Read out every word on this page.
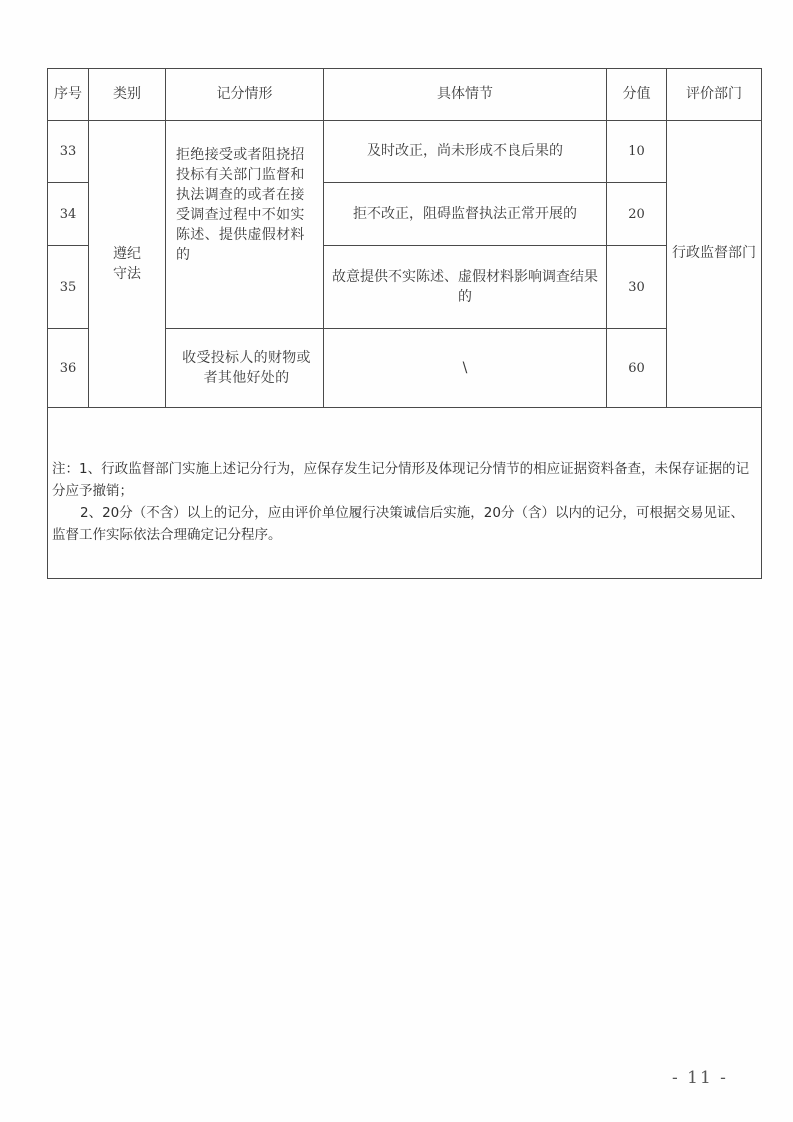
序号	类别	记分情形	具体情节	分值	评价部门
33	遵纪守法	拒绝接受或者阻挠招投标有关部门监督和执法调查的或者在接受调查过程中不如实陈述、提供虚假材料的	及时改正，尚未形成不良后果的	10	行政监督部门

34			拒不改正，阻碍监督执法正常开展的	20	
35			故意提供不实陈述、虚假材料影响调查结果的	30	
36		收受投标人的财物或者其他好处的	\	60	

注：1、行政监督部门实施上述记分行为，应保存发生记分情形及体现记分情节的相应证据资料备查，未保存证据的记分应予撤销；

2、20分（不含）以上的记分，应由评价单位履行决策诚信后实施，20分（含）以内的记分，可根据交易见证、监督工作实际依法合理确定记分程序。					

- 11 -
